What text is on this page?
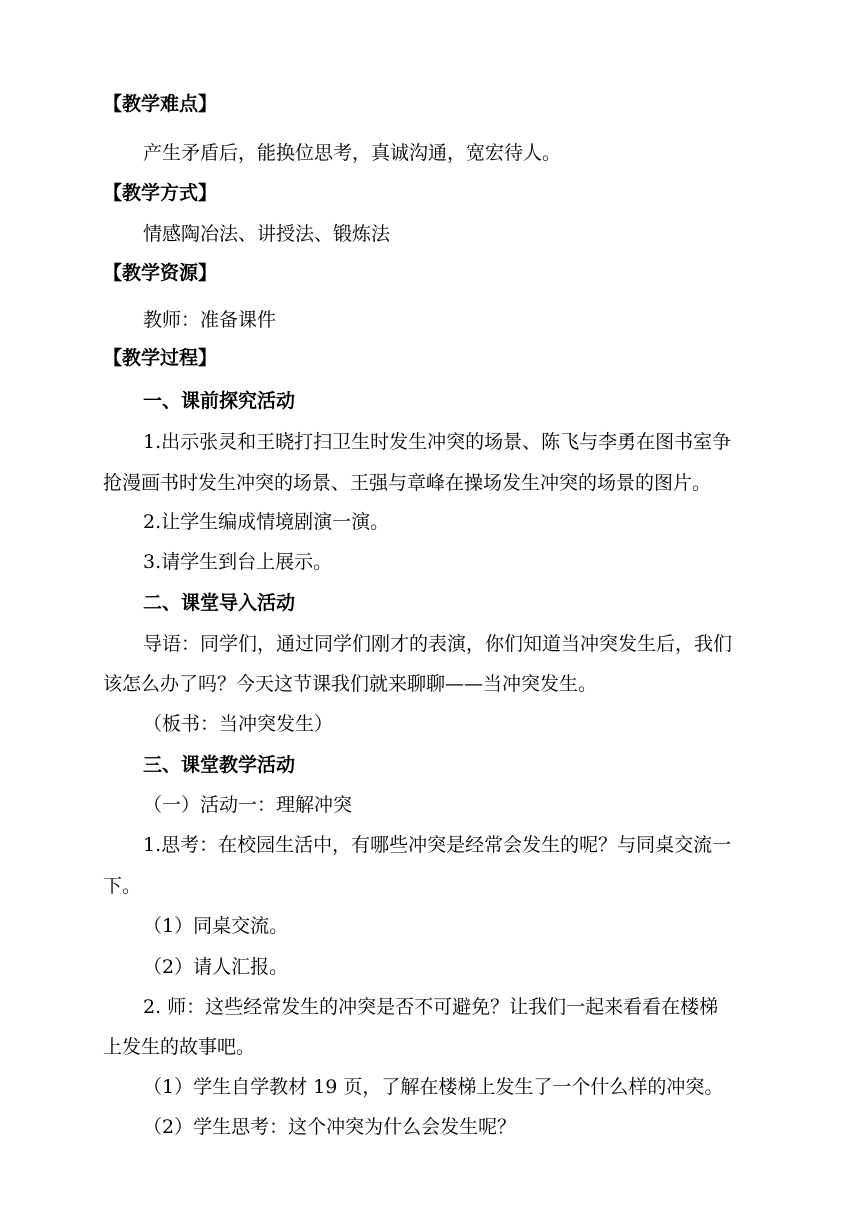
【教学难点】
产生矛盾后，能换位思考，真诚沟通，宽宏待人。
【教学方式】
情感陶冶法、讲授法、锻炼法
【教学资源】
教师：准备课件
【教学过程】
一、课前探究活动
1.出示张灵和王晓打扫卫生时发生冲突的场景、陈飞与李勇在图书室争
抢漫画书时发生冲突的场景、王强与章峰在操场发生冲突的场景的图片。
2.让学生编成情境剧演一演。
3.请学生到台上展示。
二、课堂导入活动
导语：同学们，通过同学们刚才的表演，你们知道当冲突发生后，我们
该怎么办了吗？今天这节课我们就来聊聊——当冲突发生。
（板书：当冲突发生）
三、课堂教学活动
（一）活动一：理解冲突
1.思考：在校园生活中，有哪些冲突是经常会发生的呢？与同桌交流一
下。
（1）同桌交流。
（2）请人汇报。
2. 师：这些经常发生的冲突是否不可避免？让我们一起来看看在楼梯
上发生的故事吧。
（1）学生自学教材 19 页，了解在楼梯上发生了一个什么样的冲突。
（2）学生思考：这个冲突为什么会发生呢？
